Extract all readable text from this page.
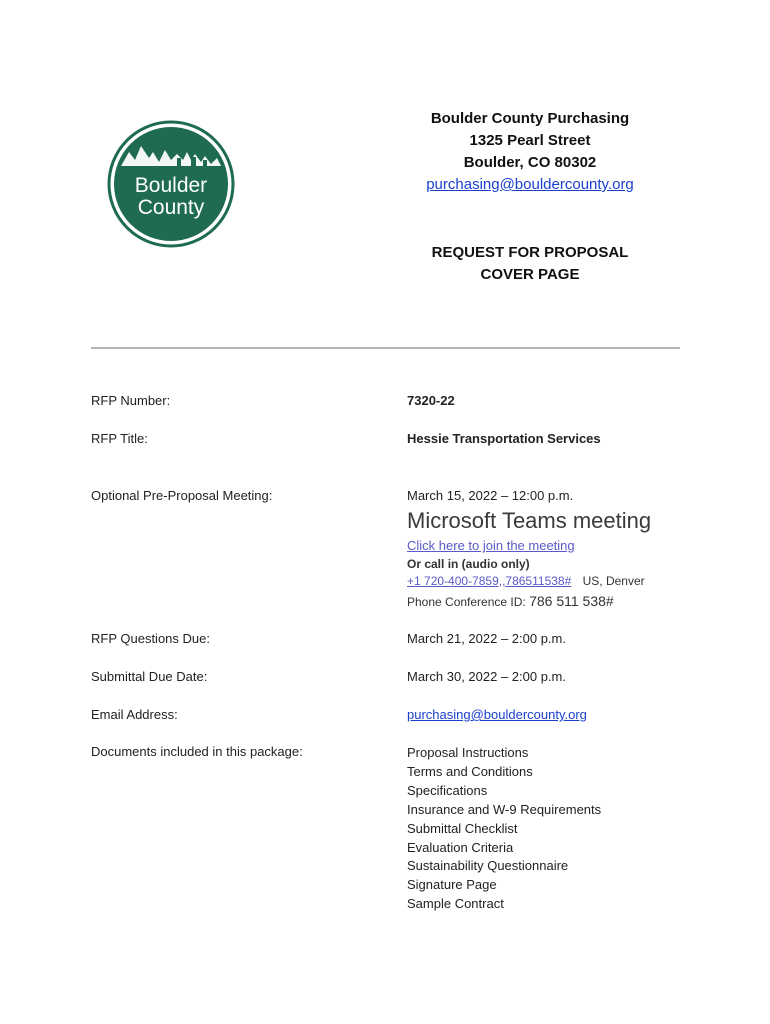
Boulder
County
Boulder County Purchasing
1325 Pearl Street
Boulder, CO 80302
purchasing@bouldercounty.org
REQUEST FOR PROPOSAL
COVER PAGE
RFP Number:	7320-22
RFP Title:	Hessie Transportation Services
Optional Pre-Proposal Meeting:	March 15, 2022 – 12:00 p.m.
Microsoft Teams meeting
Click here to join the meeting
Or call in (audio only)
+1 720-400-7859,,786511538# US, Denver
Phone Conference ID: 786 511 538#
RFP Questions Due:	March 21, 2022 – 2:00 p.m.
Submittal Due Date:	March 30, 2022 – 2:00 p.m.
Email Address:	purchasing@bouldercounty.org
Documents included in this package:	Proposal Instructions
Terms and Conditions
Specifications
Insurance and W-9 Requirements
Submittal Checklist
Evaluation Criteria
Sustainability Questionnaire
Signature Page
Sample Contract
